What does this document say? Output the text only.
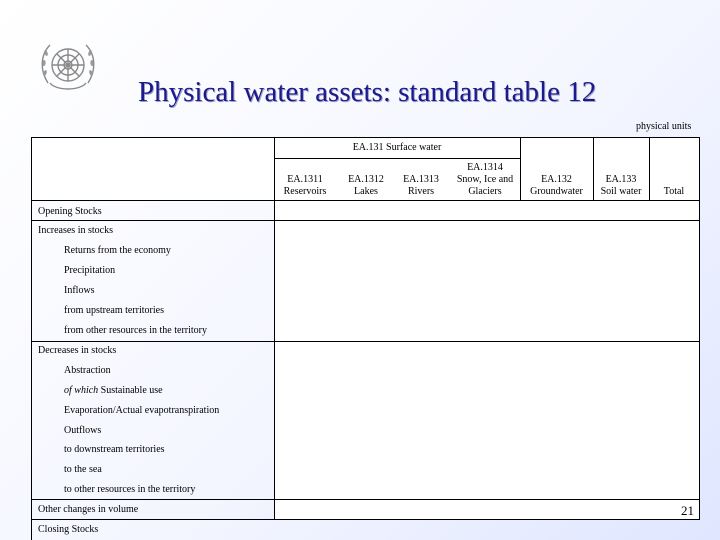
Physical water assets: standard table 12
physical units
EA.131 Surface water
EA.1311
Reservoirs
EA.1312
Lakes
EA.1313
Rivers
EA.1314
Snow, Ice and
Glaciers
EA.132
Groundwater
EA.133
Soil water	Total
Opening Stocks
Increases in stocks
Returns from the economy
Precipitation
Inflows
from upstream territories
from other resources in the territory
Decreases in stocks
Abstraction
of which Sustainable use
Evaporation/Actual evapotranspiration
Outflows
to downstream territories
to the sea
to other resources in the territory
Other changes in volume
Closing Stocks
21
